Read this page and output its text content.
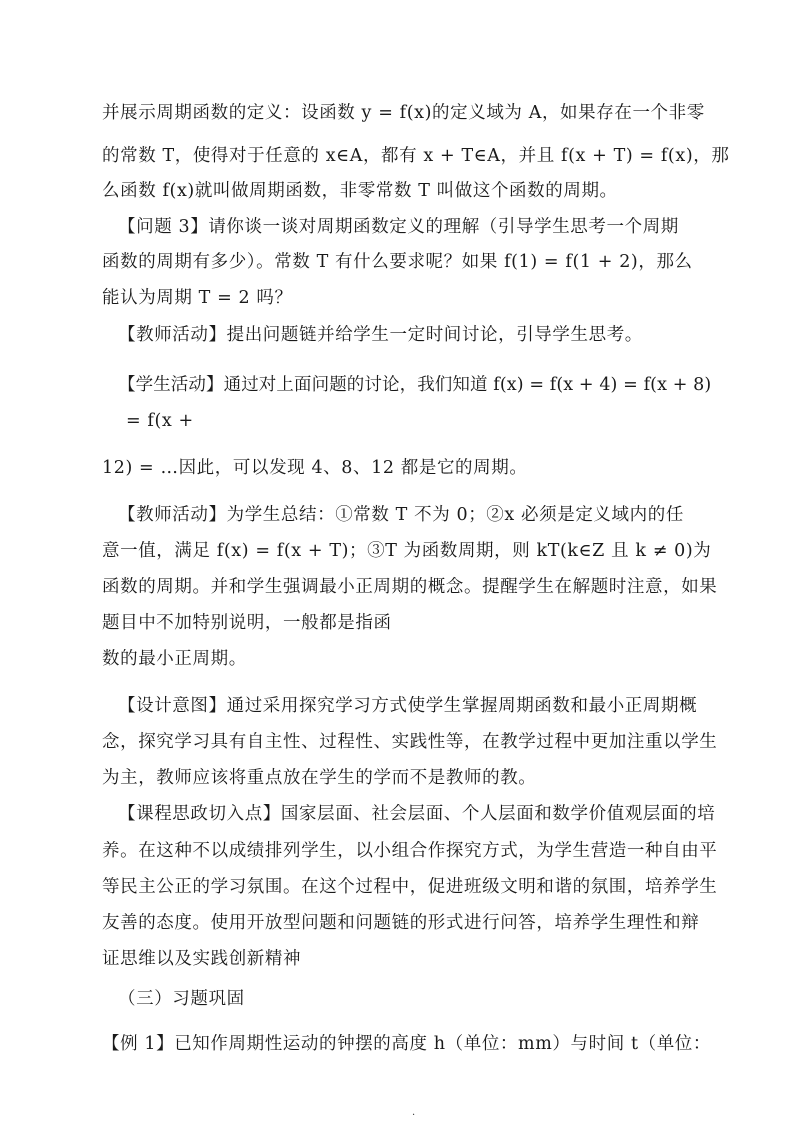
并展示周期函数的定义：设函数 y = f(x)的定义域为 A，如果存在一个非零
的常数 T，使得对于任意的 x∈A，都有 x + T∈A，并且 f(x + T) = f(x)，那
么函数 f(x)就叫做周期函数，非零常数 T 叫做这个函数的周期。
【问题 3】请你谈一谈对周期函数定义的理解（引导学生思考一个周期
函数的周期有多少）。常数 T 有什么要求呢？如果 f(1) = f(1 + 2)，那么
能认为周期 T = 2 吗？
【教师活动】提出问题链并给学生一定时间讨论，引导学生思考。
【学生活动】通过对上面问题的讨论，我们知道 f(x) = f(x + 4) = f(x + 8)
= f(x +
12) = …因此，可以发现 4、8、12 都是它的周期。
【教师活动】为学生总结：①常数 T 不为 0；②x 必须是定义域内的任
意一值，满足 f(x) = f(x + T)；③T 为函数周期，则 kT(k∈Z 且 k ≠ 0)为
函数的周期。并和学生强调最小正周期的概念。提醒学生在解题时注意，如果
题目中不加特别说明，一般都是指函
数的最小正周期。
【设计意图】通过采用探究学习方式使学生掌握周期函数和最小正周期概
念，探究学习具有自主性、过程性、实践性等，在教学过程中更加注重以学生
为主，教师应该将重点放在学生的学而不是教师的教。
【课程思政切入点】国家层面、社会层面、个人层面和数学价值观层面的培
养。在这种不以成绩排列学生，以小组合作探究方式，为学生营造一种自由平
等民主公正的学习氛围。在这个过程中，促进班级文明和谐的氛围，培养学生
友善的态度。使用开放型问题和问题链的形式进行问答，培养学生理性和辩
证思维以及实践创新精神
（三）习题巩固
【例 1】已知作周期性运动的钟摆的高度 h（单位：mm）与时间 t（单位：
.
